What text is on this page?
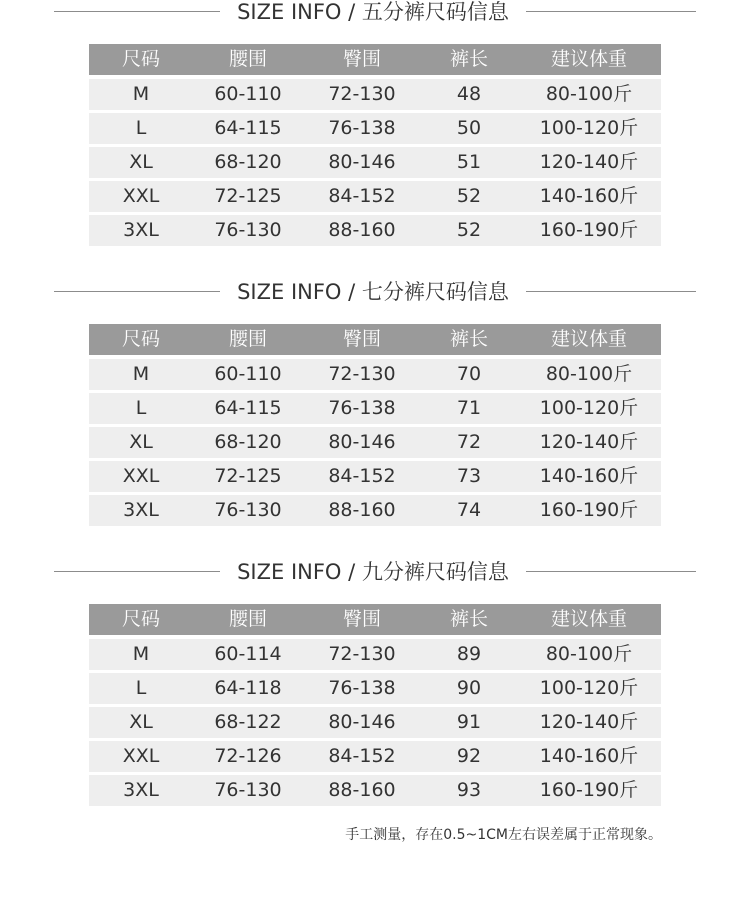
SIZE INFO / 五分裤尺码信息
尺码	腰围	臀围	裤长	建议体重
M	60-110	72-130	48	80-100斤
L	64-115	76-138	50	100-120斤
XL	68-120	80-146	51	120-140斤
XXL	72-125	84-152	52	140-160斤
3XL	76-130	88-160	52	160-190斤
SIZE INFO / 七分裤尺码信息
尺码	腰围	臀围	裤长	建议体重
M	60-110	72-130	70	80-100斤
L	64-115	76-138	71	100-120斤
XL	68-120	80-146	72	120-140斤
XXL	72-125	84-152	73	140-160斤
3XL	76-130	88-160	74	160-190斤
SIZE INFO / 九分裤尺码信息
尺码	腰围	臀围	裤长	建议体重
M	60-114	72-130	89	80-100斤
L	64-118	76-138	90	100-120斤
XL	68-122	80-146	91	120-140斤
XXL	72-126	84-152	92	140-160斤
3XL	76-130	88-160	93	160-190斤
手工测量，存在0.5~1CM左右误差属于正常现象。
